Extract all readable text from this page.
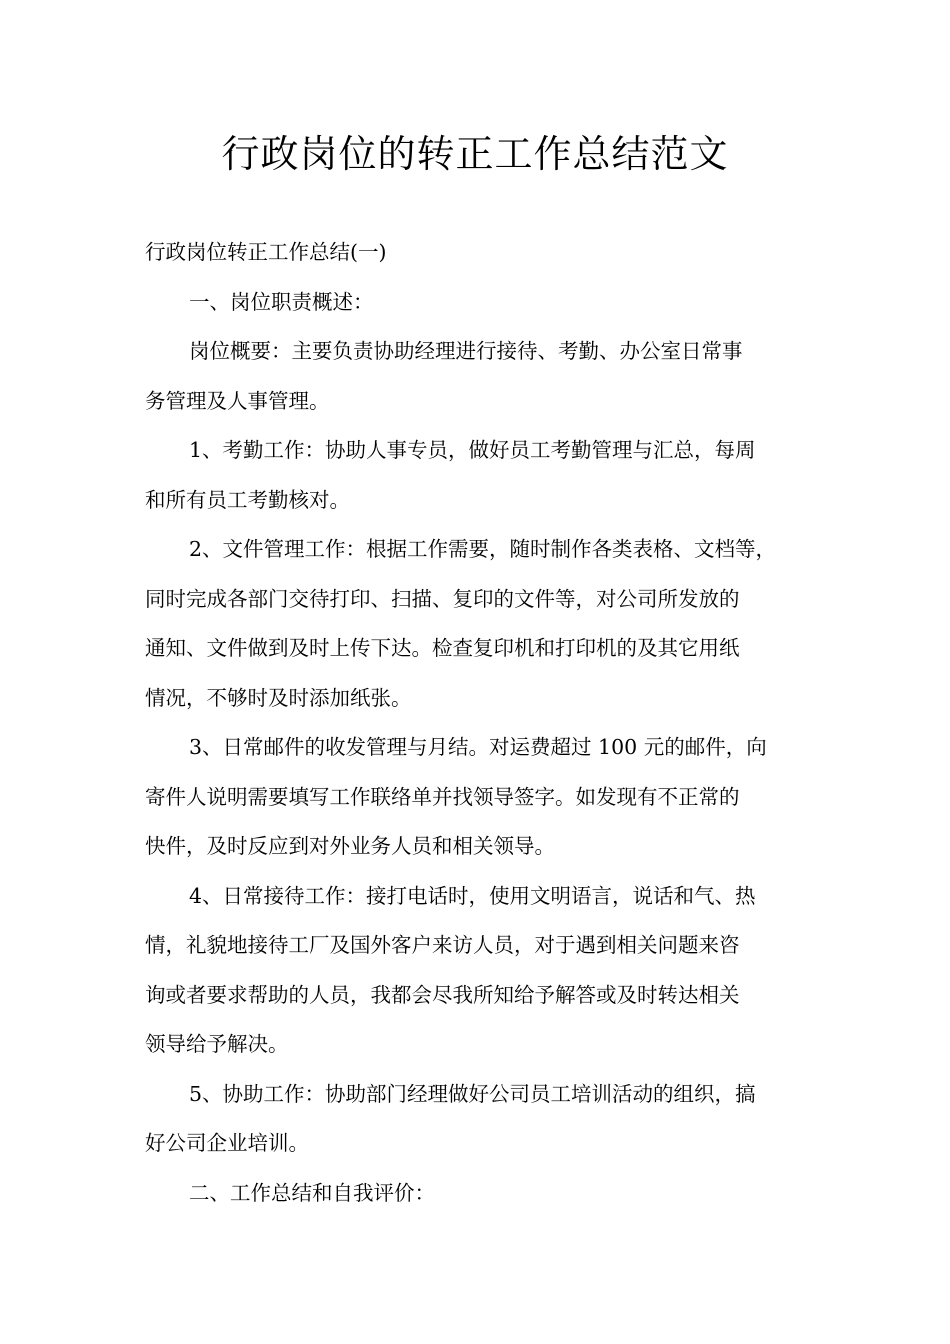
行政岗位的转正工作总结范文
行政岗位转正工作总结(一)
一、岗位职责概述：
岗位概要：主要负责协助经理进行接待、考勤、办公室日常事
务管理及人事管理。
1、考勤工作：协助人事专员，做好员工考勤管理与汇总，每周
和所有员工考勤核对。
2、文件管理工作：根据工作需要，随时制作各类表格、文档等，
同时完成各部门交待打印、扫描、复印的文件等，对公司所发放的
通知、文件做到及时上传下达。检查复印机和打印机的及其它用纸
情况，不够时及时添加纸张。
3、日常邮件的收发管理与月结。对运费超过 100 元的邮件，向
寄件人说明需要填写工作联络单并找领导签字。如发现有不正常的
快件，及时反应到对外业务人员和相关领导。
4、日常接待工作：接打电话时，使用文明语言，说话和气、热
情，礼貌地接待工厂及国外客户来访人员，对于遇到相关问题来咨
询或者要求帮助的人员，我都会尽我所知给予解答或及时转达相关
领导给予解决。
5、协助工作：协助部门经理做好公司员工培训活动的组织，搞
好公司企业培训。
二、工作总结和自我评价：
